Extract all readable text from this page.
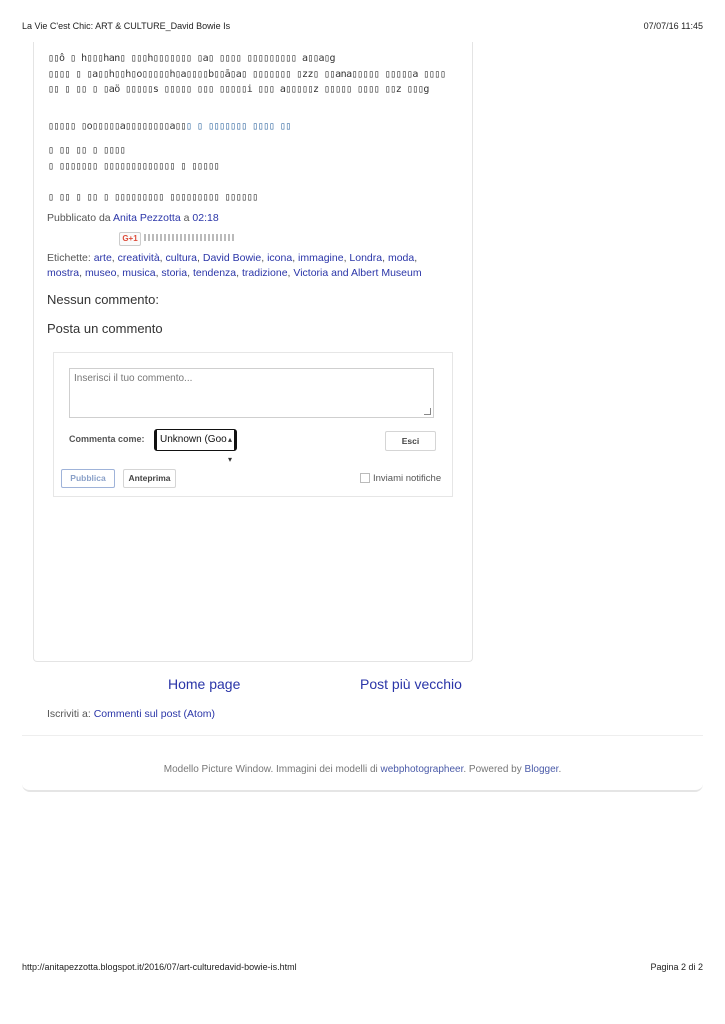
La Vie C'est Chic: ART & CULTURE_David Bowie Is	07/07/16 11:45
▯▯ô ▯ h▯▯▯han▯ ▯▯▯h▯▯▯▯▯▯▯ ▯a▯ ▯▯▯▯ ▯▯▯▯▯▯▯▯▯ a▯▯a▯g
▯▯▯▯ ▯ ▯a▯▯h▯▯h▯o▯▯▯▯▯h▯a▯▯▯▯b▯▯ā▯a▯ ▯▯▯▯▯▯▯ ▯zz▯ ▯▯ana▯▯▯▯▯ ▯▯▯▯▯a ▯▯▯▯
▯▯ ▯ ▯▯ ▯ ▯aö ▯▯▯▯▯s ▯▯▯▯▯ ▯▯▯ ▯▯▯▯▯i ▯▯▯ a▯▯▯▯▯z ▯▯▯▯▯ ▯▯▯▯ ▯▯z ▯▯▯g
▯▯▯▯▯ ▯o▯▯▯▯▯a▯▯▯▯▯▯▯▯a▯▯▯ ▯ ▯▯▯▯▯▯▯ ▯▯▯▯ ▯▯
▯ ▯▯ ▯▯ ▯ ▯▯▯▯
▯ ▯▯▯▯▯▯▯ ▯▯▯▯▯▯▯▯▯▯▯▯▯ ▯ ▯▯▯▯▯
▯ ▯▯ ▯ ▯▯ ▯ ▯▯▯▯▯▯▯▯▯ ▯▯▯▯▯▯▯▯▯ ▯▯▯▯▯▯
Pubblicato da Anita Pezzotta a 02:18
G+1
Etichette: arte, creatività, cultura, David Bowie, icona, immagine, Londra, moda, mostra, museo, musica, storia, tendenza, tradizione, Victoria and Albert Museum
Nessun commento:
Posta un commento
Inserisci il tuo commento...
Commenta come:	Unknown (Goo ▴
▾
Esci
Pubblica	Anteprima	Inviami notifiche
Home page	Post più vecchio
Iscriviti a: Commenti sul post (Atom)
Modello Picture Window. Immagini dei modelli di webphotographeer. Powered by Blogger.
http://anitapezzotta.blogspot.it/2016/07/art-culturedavid-bowie-is.html	Pagina 2 di 2
